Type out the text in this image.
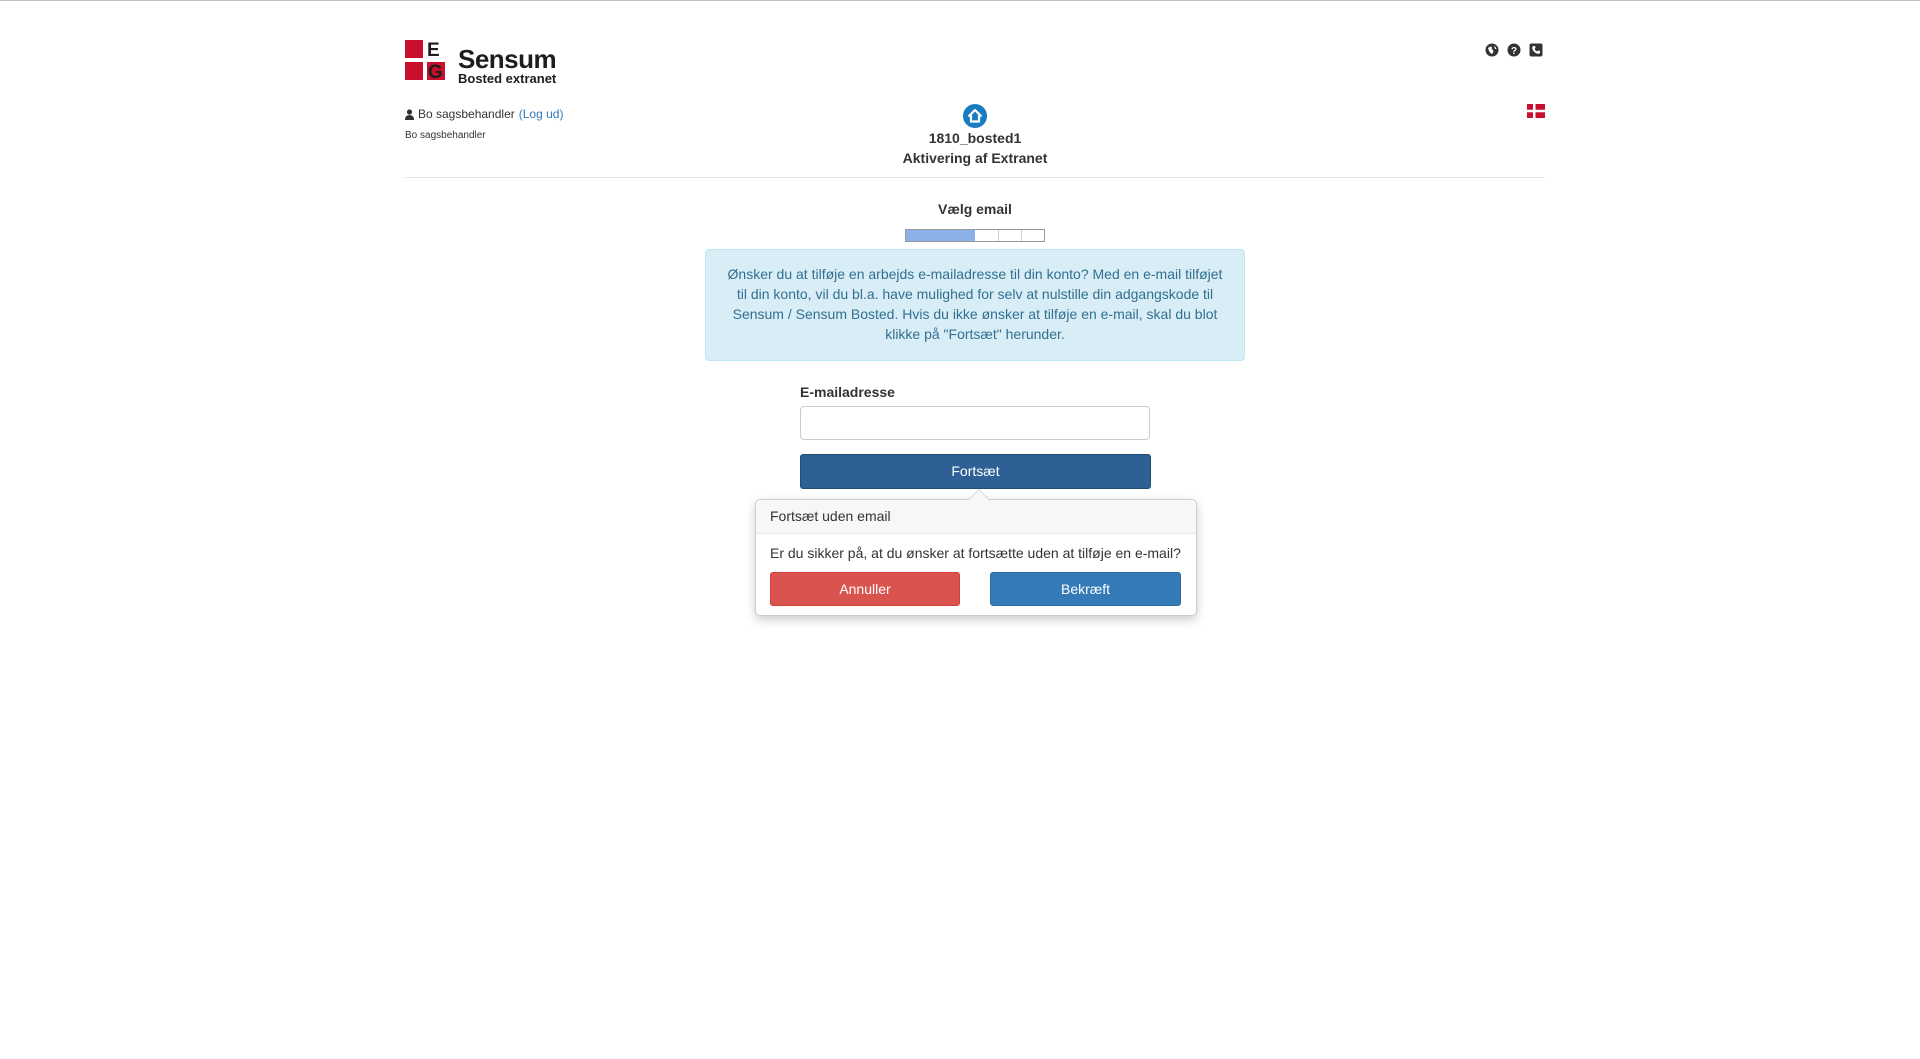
E
G Sensum
Bosted extranet
?
Bo sagsbehandler (Log ud)
Bo sagsbehandler	1810_bosted1
Aktivering af Extranet
Vælg email
Ønsker du at tilføje en arbejds e-mailadresse til din konto? Med en e-mail tilføjet til din konto, vil du bl.a. have mulighed for selv at nulstille din adgangskode til Sensum / Sensum Bosted. Hvis du ikke ønsker at tilføje en e-mail, skal du blot klikke på "Fortsæt" herunder.
E-mailadresse
Fortsæt
Fortsæt uden email
Er du sikker på, at du ønsker at fortsætte uden at tilføje en e-mail?
Annuller	Bekræft
